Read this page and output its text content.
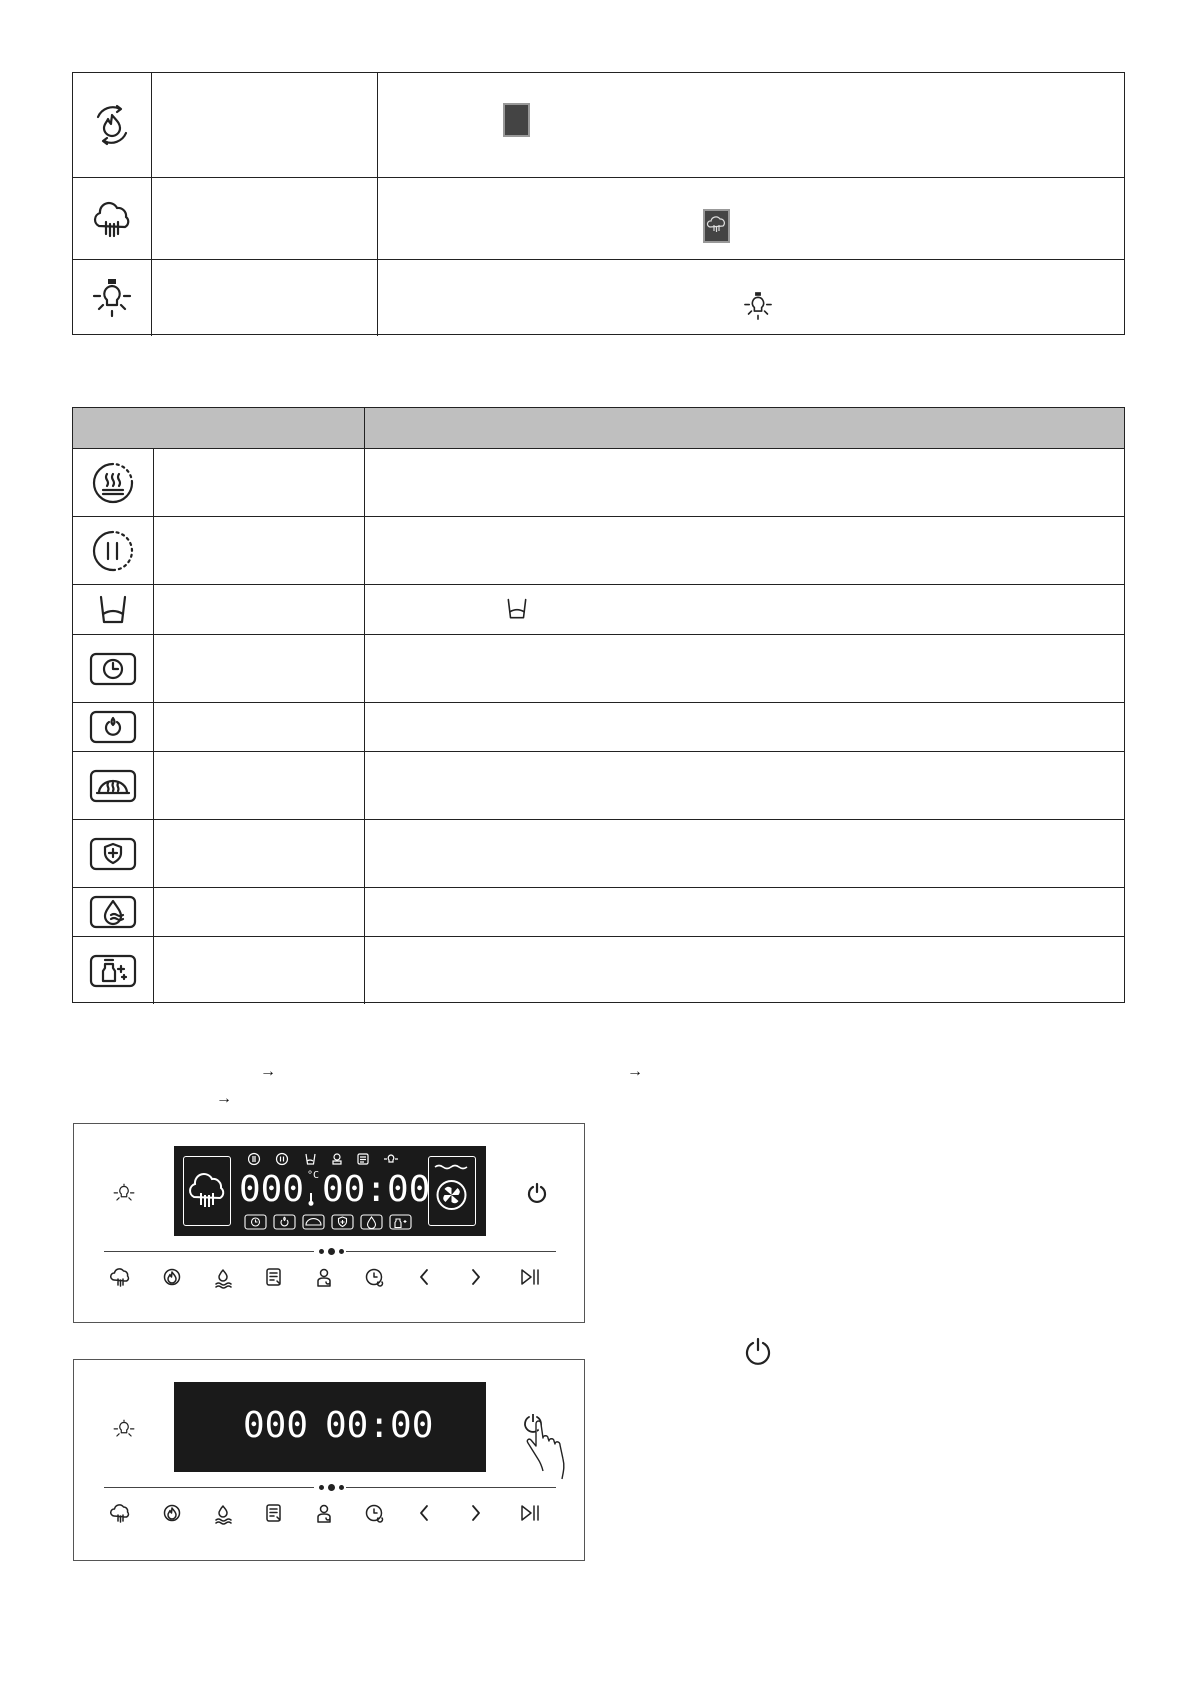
→	→
→
000 °C 00:00
000 00:00
